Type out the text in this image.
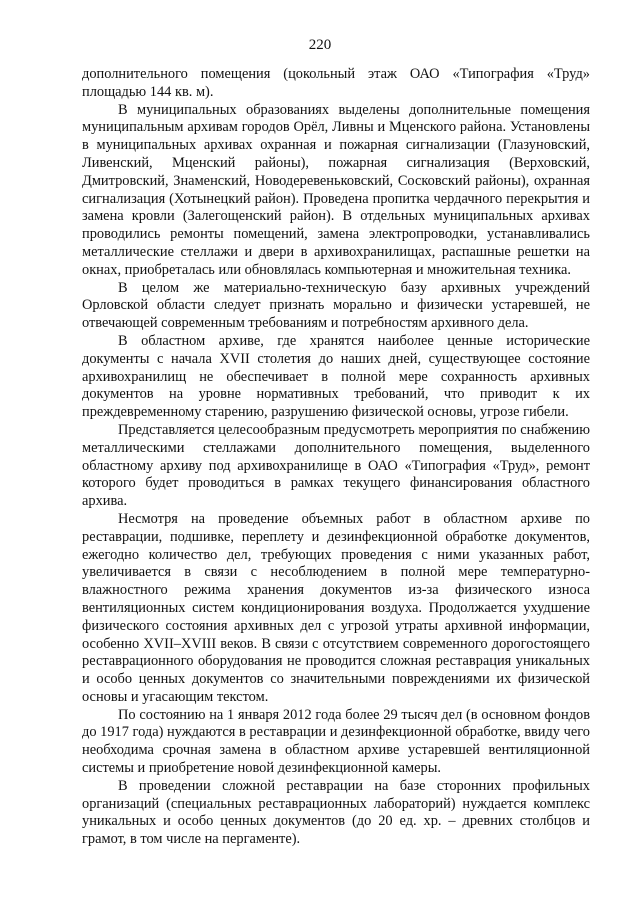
220

дополнительного помещения (цокольный этаж ОАО «Типография «Труд» площадью 144 кв. м).

В муниципальных образованиях выделены дополнительные помещения муниципальным архивам городов Орёл, Ливны и Мценского района. Установлены в муниципальных архивах охранная и пожарная сигнализации (Глазуновский, Ливенский, Мценский районы), пожарная сигнализация (Верховский, Дмитровский, Знаменский, Новодеревеньковский, Сосковский районы), охранная сигнализация (Хотынецкий район). Проведена пропитка чердачного перекрытия и замена кровли (Залегощенский район). В отдельных муниципальных архивах проводились ремонты помещений, замена электропроводки, устанавливались металлические стеллажи и двери в архивохранилищах, распашные решетки на окнах, приобреталась или обновлялась компьютерная и множительная техника.

В целом же материально-техническую базу архивных учреждений Орловской области следует признать морально и физически устаревшей, не отвечающей современным требованиям и потребностям архивного дела.

В областном архиве, где хранятся наиболее ценные исторические документы с начала XVII столетия до наших дней, существующее состояние архивохранилищ не обеспечивает в полной мере сохранность архивных документов на уровне нормативных требований, что приводит к их преждевременному старению, разрушению физической основы, угрозе гибели.

Представляется целесообразным предусмотреть мероприятия по снабжению металлическими стеллажами дополнительного помещения, выделенного областному архиву под архивохранилище в ОАО «Типография «Труд», ремонт которого будет проводиться в рамках текущего финансирования областного архива.

Несмотря на проведение объемных работ в областном архиве по реставрации, подшивке, переплету и дезинфекционной обработке документов, ежегодно количество дел, требующих проведения с ними указанных работ, увеличивается в связи с несоблюдением в полной мере температурно-влажностного режима хранения документов из-за физического износа вентиляционных систем кондиционирования воздуха. Продолжается ухудшение физического состояния архивных дел с угрозой утраты архивной информации, особенно XVII–XVIII веков. В связи с отсутствием современного дорогостоящего реставрационного оборудования не проводится сложная реставрация уникальных и особо ценных документов со значительными повреждениями их физической основы и угасающим текстом.

По состоянию на 1 января 2012 года более 29 тысяч дел (в основном фондов до 1917 года) нуждаются в реставрации и дезинфекционной обработке, ввиду чего необходима срочная замена в областном архиве устаревшей вентиляционной системы и приобретение новой дезинфекционной камеры.

В проведении сложной реставрации на базе сторонних профильных организаций (специальных реставрационных лабораторий) нуждается комплекс уникальных и особо ценных документов (до 20 ед. хр. – древних столбцов и грамот, в том числе на пергаменте).
